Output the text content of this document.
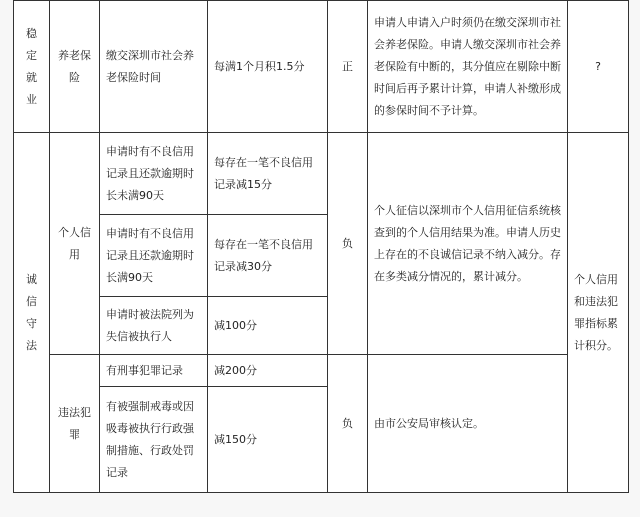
稳定就业	养老保险	缴交深圳市社会养老保险时间	每满1个月积1.5分	正	申请人申请入户时须仍在缴交深圳市社会养老保险。申请人缴交深圳市社会养老保险有中断的，其分值应在剔除中断时间后再予累计计算，申请人补缴形成的参保时间不予计算。	?
诚信守法	个人信用	申请时有不良信用记录且还款逾期时长未满90天	每存在一笔不良信用记录减15分	负	个人征信以深圳市个人信用征信系统核查到的个人信用结果为准。申请人历史上存在的不良诚信记录不纳入减分。存在多类减分情况的，累计减分。	个人信用和违法犯罪指标累计积分。
		申请时有不良信用记录且还款逾期时长满90天	每存在一笔不良信用记录减30分			
		申请时被法院列为失信被执行人	减100分			
	违法犯罪	有刑事犯罪记录	减200分	负	由市公安局审核认定。	
		有被强制戒毒或因吸毒被执行行政强制措施、行政处罚记录	减150分			
